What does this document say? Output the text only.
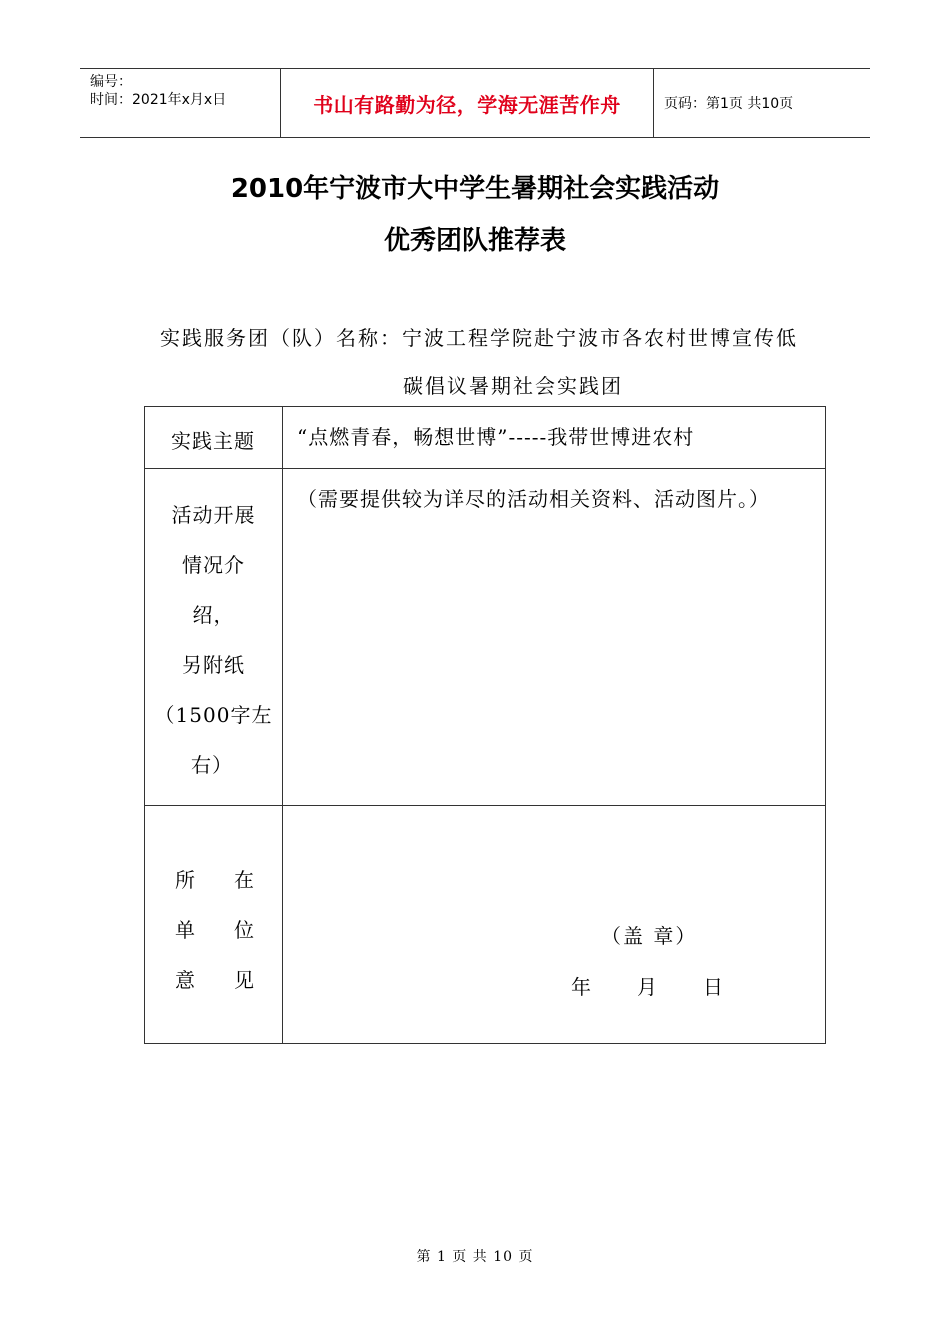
编号：
时间：2021年x月x日	书山有路勤为径，学海无涯苦作舟	页码：第1页 共10页
2010年宁波市大中学生暑期社会实践活动
优秀团队推荐表
实践服务团（队）名称：宁波工程学院赴宁波市各农村世博宣传低
碳倡议暑期社会实践团
实践主题 “点燃青春，畅想世博”-----我带世博进农村
活动开展
情况介
绍，
另附纸
（1500字左
右）
（需要提供较为详尽的活动相关资料、活动图片。）
所 在
单 位
意 见
（盖 章）
年 月 日
第 1 页 共 10 页
